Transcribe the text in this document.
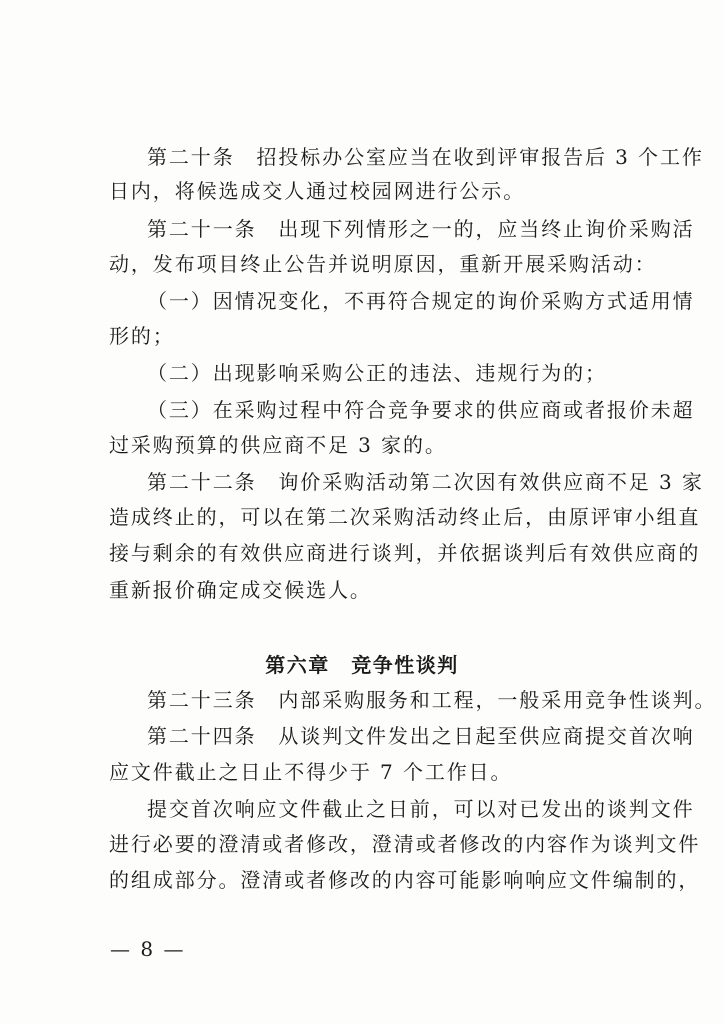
第二十条　招投标办公室应当在收到评审报告后 3 个工作
日内，将候选成交人通过校园网进行公示。
第二十一条　出现下列情形之一的，应当终止询价采购活
动，发布项目终止公告并说明原因，重新开展采购活动：
（一）因情况变化，不再符合规定的询价采购方式适用情
形的；
（二）出现影响采购公正的违法、违规行为的；
（三）在采购过程中符合竞争要求的供应商或者报价未超
过采购预算的供应商不足 3 家的。
第二十二条　询价采购活动第二次因有效供应商不足 3 家
造成终止的，可以在第二次采购活动终止后，由原评审小组直
接与剩余的有效供应商进行谈判，并依据谈判后有效供应商的
重新报价确定成交候选人。
第六章　竞争性谈判
第二十三条　内部采购服务和工程，一般采用竞争性谈判。
第二十四条　从谈判文件发出之日起至供应商提交首次响
应文件截止之日止不得少于 7 个工作日。
提交首次响应文件截止之日前，可以对已发出的谈判文件
进行必要的澄清或者修改，澄清或者修改的内容作为谈判文件
的组成部分。澄清或者修改的内容可能影响响应文件编制的，
— 8 —
